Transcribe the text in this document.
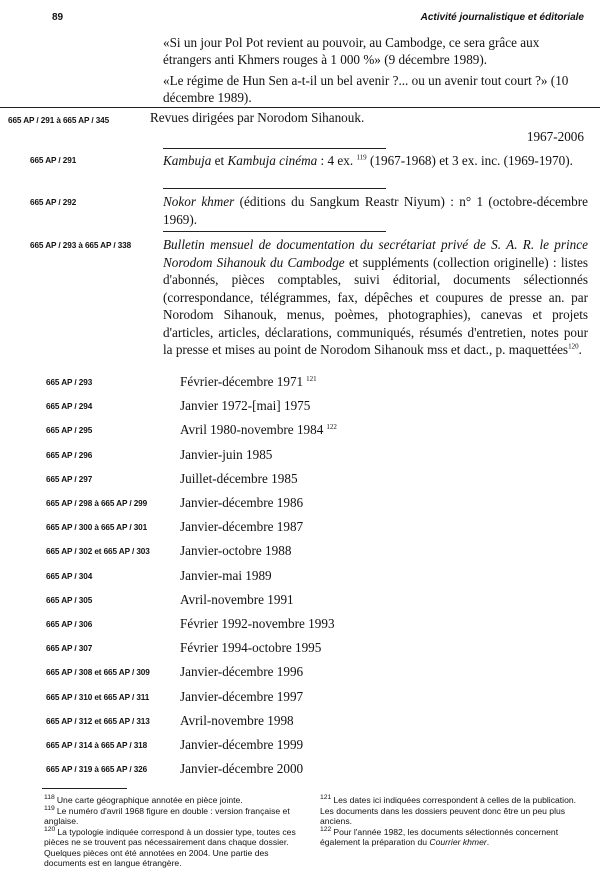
89	Activité journalistique et éditoriale
«Si un jour Pol Pot revient au pouvoir, au Cambodge, ce sera grâce aux étrangers anti Khmers rouges à 1 000 %» (9 décembre 1989).
«Le régime de Hun Sen a-t-il un bel avenir ?... ou un avenir tout court ?» (10 décembre 1989).
665 AP / 291 à 665 AP / 345	Revues dirigées par Norodom Sihanouk.
1967-2006
665 AP / 291	Kambuja et Kambuja cinéma : 4 ex. $^{119}$ (1967-1968) et 3 ex. inc. (1969-1970).
665 AP / 292	Nokor khmer (éditions du Sangkum Reastr Niyum) : n° 1 (octobre-décembre 1969).
665 AP / 293 à 665 AP / 338 Bulletin mensuel de documentation du secrétariat privé de S. A. R. le prince Norodom Sihanouk du Cambodge et suppléments (collection originelle) : listes d'abonnés, pièces comptables, suivi éditorial, documents sélectionnés (correspondance, télégrammes, fax, dépêches et coupures de presse an. par Norodom Sihanouk, menus, poèmes, photographies), canevas et projets d'articles, articles, déclarations, communiqués, résumés d'entretien, notes pour la presse et mises au point de Norodom Sihanouk mss et dact., p. maquettées$^{120}$.
665 AP / 293	Février-décembre 1971 $^{121}$
665 AP / 294	Janvier 1972-[mai] 1975
665 AP / 295	Avril 1980-novembre 1984 $^{122}$
665 AP / 296	Janvier-juin 1985
665 AP / 297	Juillet-décembre 1985
665 AP / 298 à 665 AP / 299 Janvier-décembre 1986
665 AP / 300 à 665 AP / 301 Janvier-décembre 1987
665 AP / 302 et 665 AP / 303 Janvier-octobre 1988
665 AP / 304	Janvier-mai 1989
665 AP / 305	Avril-novembre 1991
665 AP / 306	Février 1992-novembre 1993
665 AP / 307	Février 1994-octobre 1995
665 AP / 308 et 665 AP / 309 Janvier-décembre 1996
665 AP / 310 et 665 AP / 311 Janvier-décembre 1997
665 AP / 312 et 665 AP / 313 Avril-novembre 1998
665 AP / 314 à 665 AP / 318 Janvier-décembre 1999
665 AP / 319 à 665 AP / 326 Janvier-décembre 2000

$^{118}$ Une carte géographique annotée en pièce jointe.

$^{119}$ Le numéro d'avril 1968 figure en double : version française et anglaise.

$^{120}$ La typologie indiquée correspond à un dossier type, toutes ces pièces ne se trouvent pas nécessairement dans chaque dossier. Quelques pièces ont été annotées en 2004. Une partie des documents est en langue étrangère.

$^{121}$ Les dates ici indiquées correspondent à celles de la publication. Les documents dans les dossiers peuvent donc être un peu plus anciens.

$^{122}$ Pour l'année 1982, les documents sélectionnés concernent également la préparation du Courrier khmer.
